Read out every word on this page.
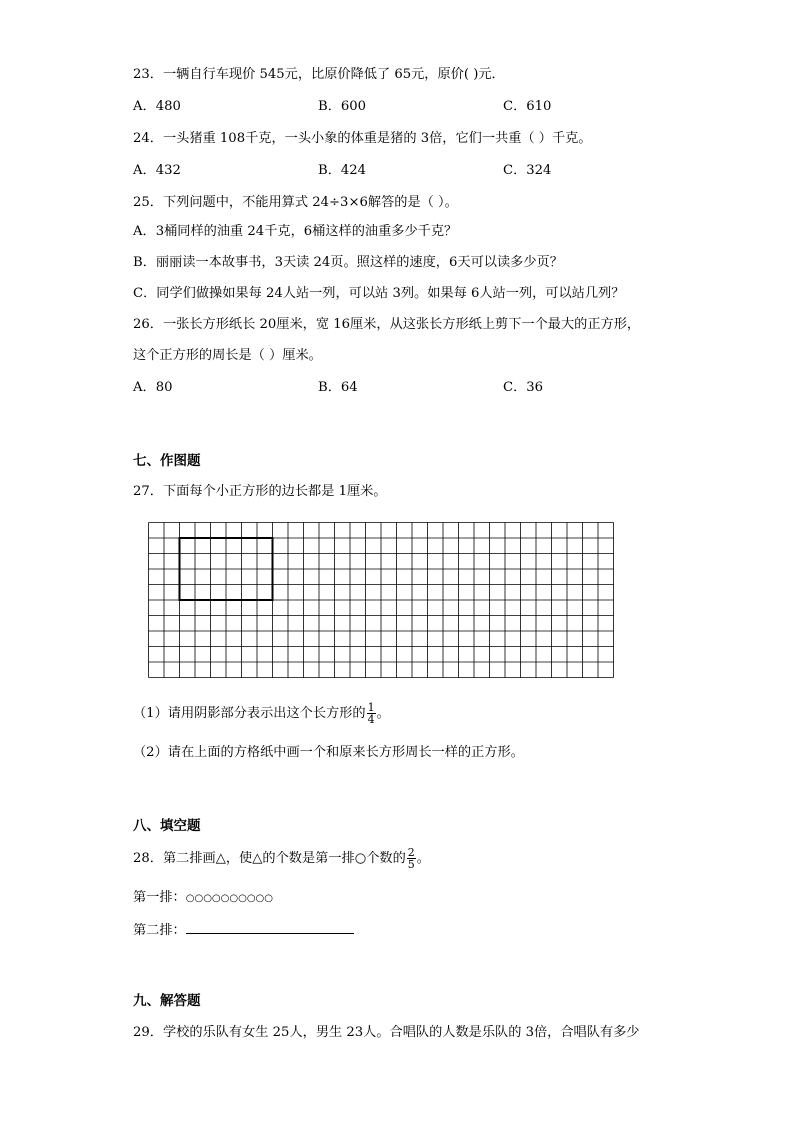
23．一辆自行车现价 545元，比原价降低了 65元，原价( )元．
A．480	B．600	C．610
24．一头猪重 108千克，一头小象的体重是猪的 3倍，它们一共重（ ）千克。
A．432	B．424	C．324
25．下列问题中，不能用算式 24÷3×6解答的是（ ）。
A．3桶同样的油重 24千克，6桶这样的油重多少千克？
B．丽丽读一本故事书，3天读 24页。照这样的速度，6天可以读多少页？
C．同学们做操如果每 24人站一列，可以站 3列。如果每 6人站一列，可以站几列？
26．一张长方形纸长 20厘米，宽 16厘米，从这张长方形纸上剪下一个最大的正方形，
这个正方形的周长是（ ）厘米。
A．80	B．64	C．36
七、作图题
27．下面每个小正方形的边长都是 1厘米。
（1）请用阴影部分表示出这个长方形的 $\frac{1}{4}$ 。
（2）请在上面的方格纸中画一个和原来长方形周长一样的正方形。
八、填空题
28．第二排画△，使△的个数是第一排○个数的 $\frac{2}{5}$ 。
第一排：○○○○○○○○○○
第二排：
九、解答题
29．学校的乐队有女生 25人，男生 23人。合唱队的人数是乐队的 3倍，合唱队有多少
